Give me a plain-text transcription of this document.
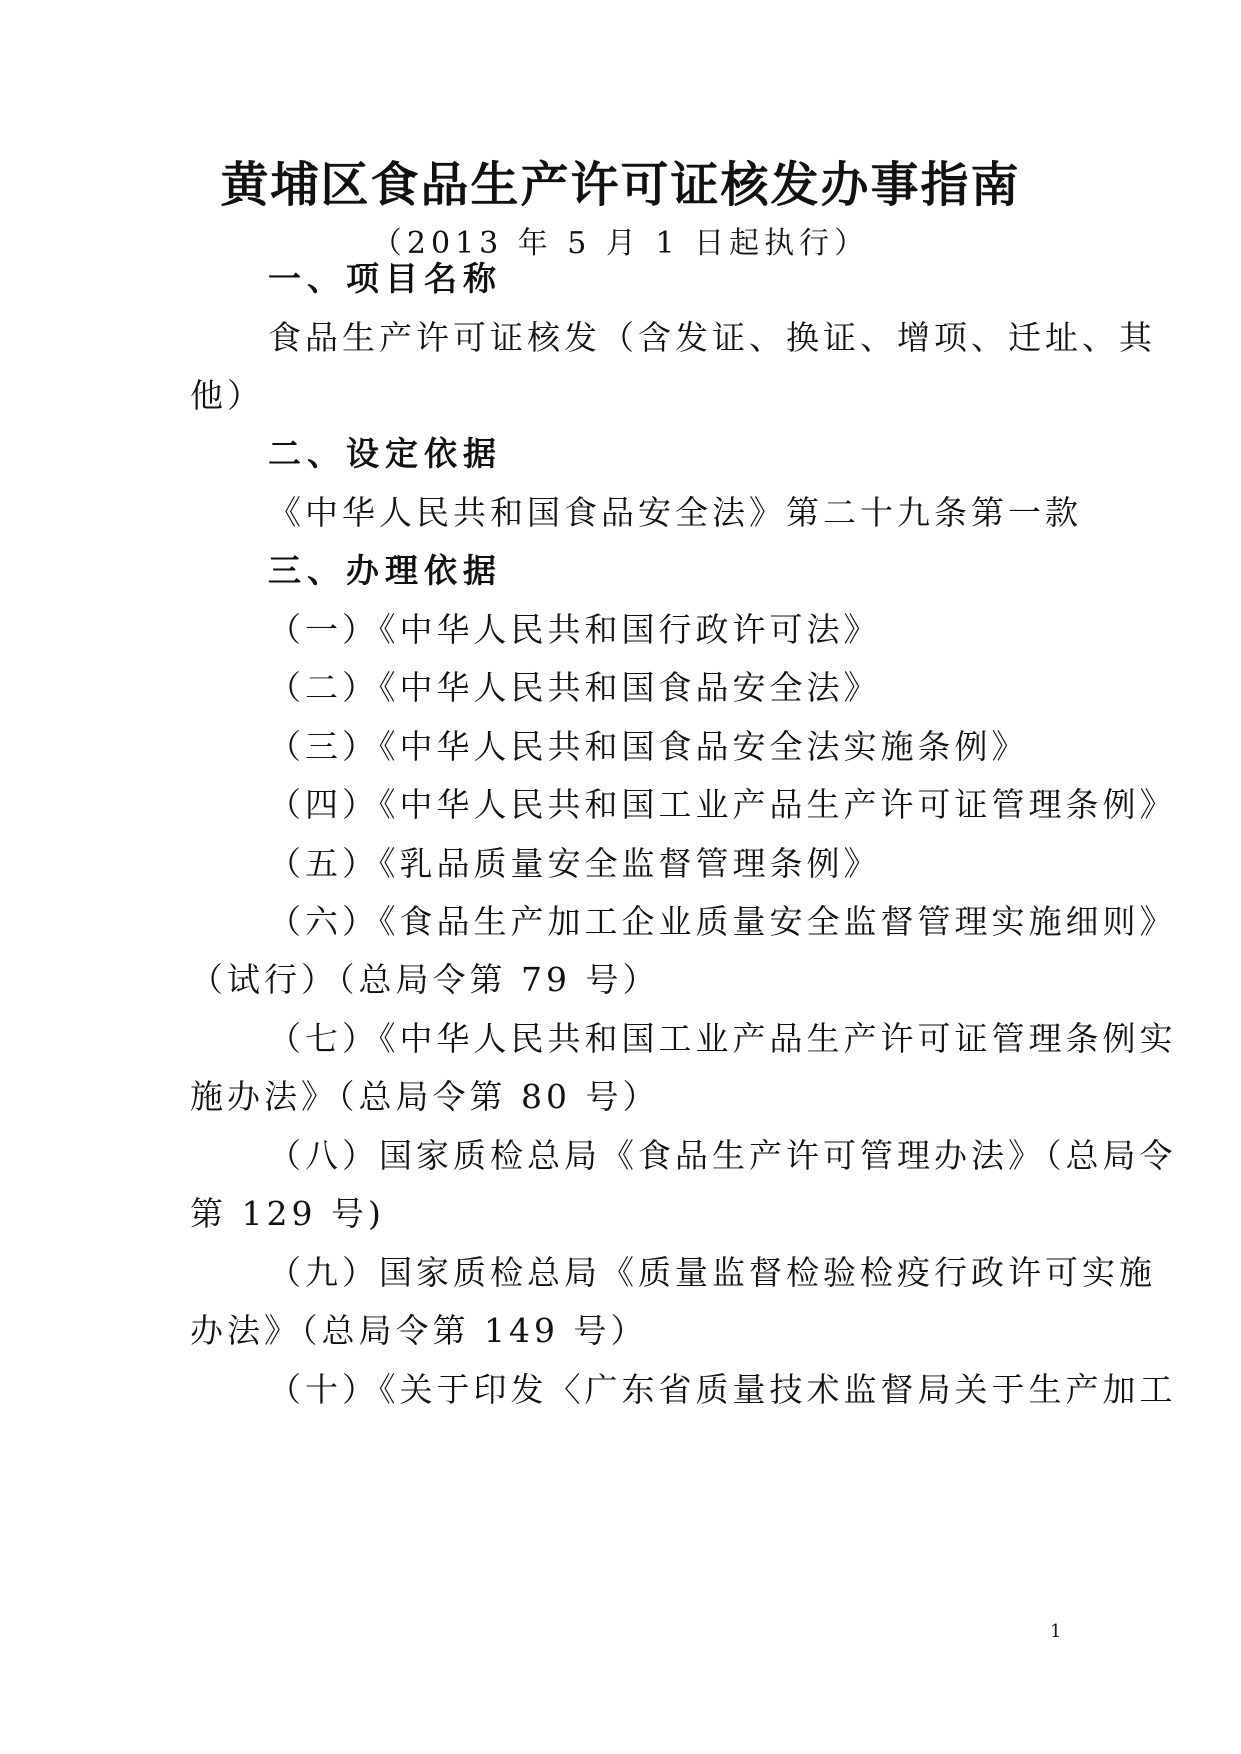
黄埔区食品生产许可证核发办事指南
（2013 年 5 月 1 日起执行）
一、项目名称
食品生产许可证核发（含发证、换证、增项、迁址、其
他）
二、设定依据
《中华人民共和国食品安全法》第二十九条第一款
三、办理依据
（一）《中华人民共和国行政许可法》
（二）《中华人民共和国食品安全法》
（三）《中华人民共和国食品安全法实施条例》
（四）《中华人民共和国工业产品生产许可证管理条例》
（五）《乳品质量安全监督管理条例》
（六）《食品生产加工企业质量安全监督管理实施细则》
（试行）（总局令第 79 号）
（七）《中华人民共和国工业产品生产许可证管理条例实
施办法》（总局令第 80 号）
（八）国家质检总局《食品生产许可管理办法》（总局令
第 129 号)
（九）国家质检总局《质量监督检验检疫行政许可实施
办法》（总局令第 149 号）
（十）《关于印发〈广东省质量技术监督局关于生产加工
1
